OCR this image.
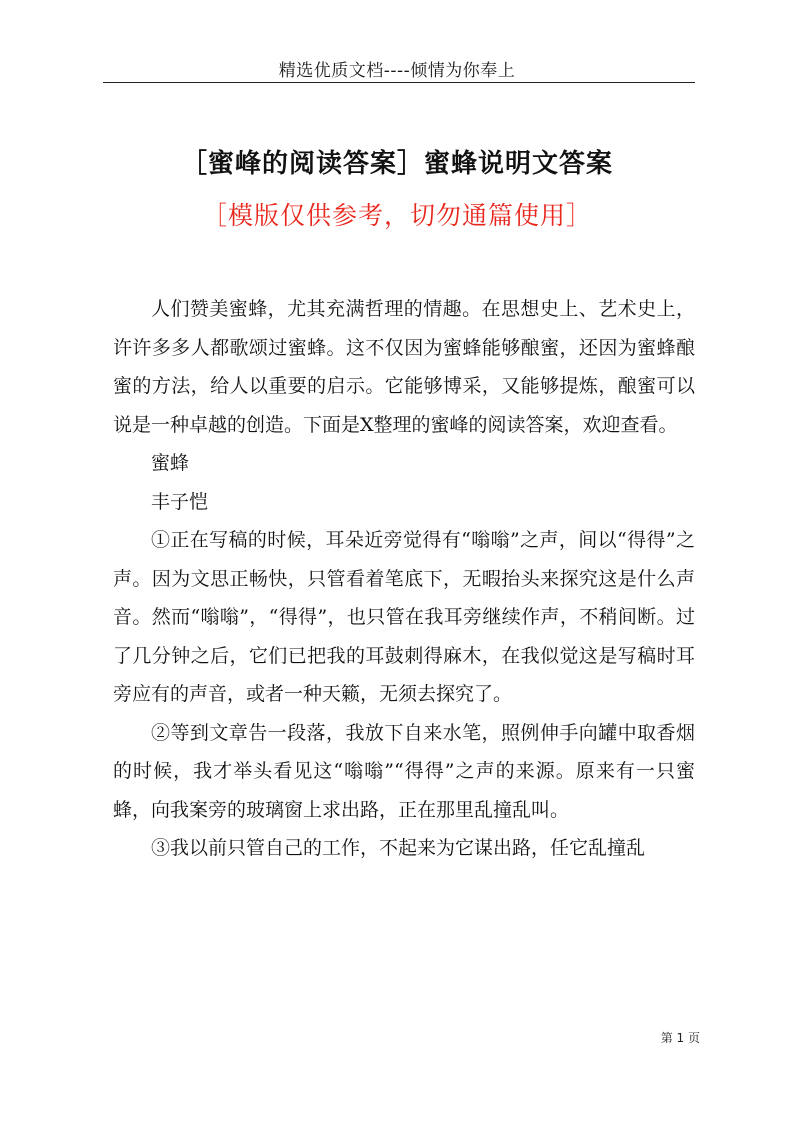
精选优质文档----倾情为你奉上
［蜜峰的阅读答案］蜜蜂说明文答案
［模版仅供参考，切勿通篇使用］

人们赞美蜜蜂，尤其充满哲理的情趣。在思想史上、艺术史上，许许多多人都歌颂过蜜蜂。这不仅因为蜜蜂能够酿蜜，还因为蜜蜂酿蜜的方法，给人以重要的启示。它能够博采，又能够提炼，酿蜜可以说是一种卓越的创造。下面是X整理的蜜峰的阅读答案，欢迎查看。

蜜蜂

丰子恺

①正在写稿的时候，耳朵近旁觉得有“嗡嗡”之声，间以“得得”之声。因为文思正畅快，只管看着笔底下，无暇抬头来探究这是什么声音。然而“嗡嗡”，“得得”，也只管在我耳旁继续作声，不稍间断。过了几分钟之后，它们已把我的耳鼓刺得麻木，在我似觉这是写稿时耳旁应有的声音，或者一种天籁，无须去探究了。

②等到文章告一段落，我放下自来水笔，照例伸手向罐中取香烟的时候，我才举头看见这“嗡嗡”“得得”之声的来源。原来有一只蜜蜂，向我案旁的玻璃窗上求出路，正在那里乱撞乱叫。

③我以前只管自己的工作，不起来为它谋出路，任它乱撞乱

第 1 页
